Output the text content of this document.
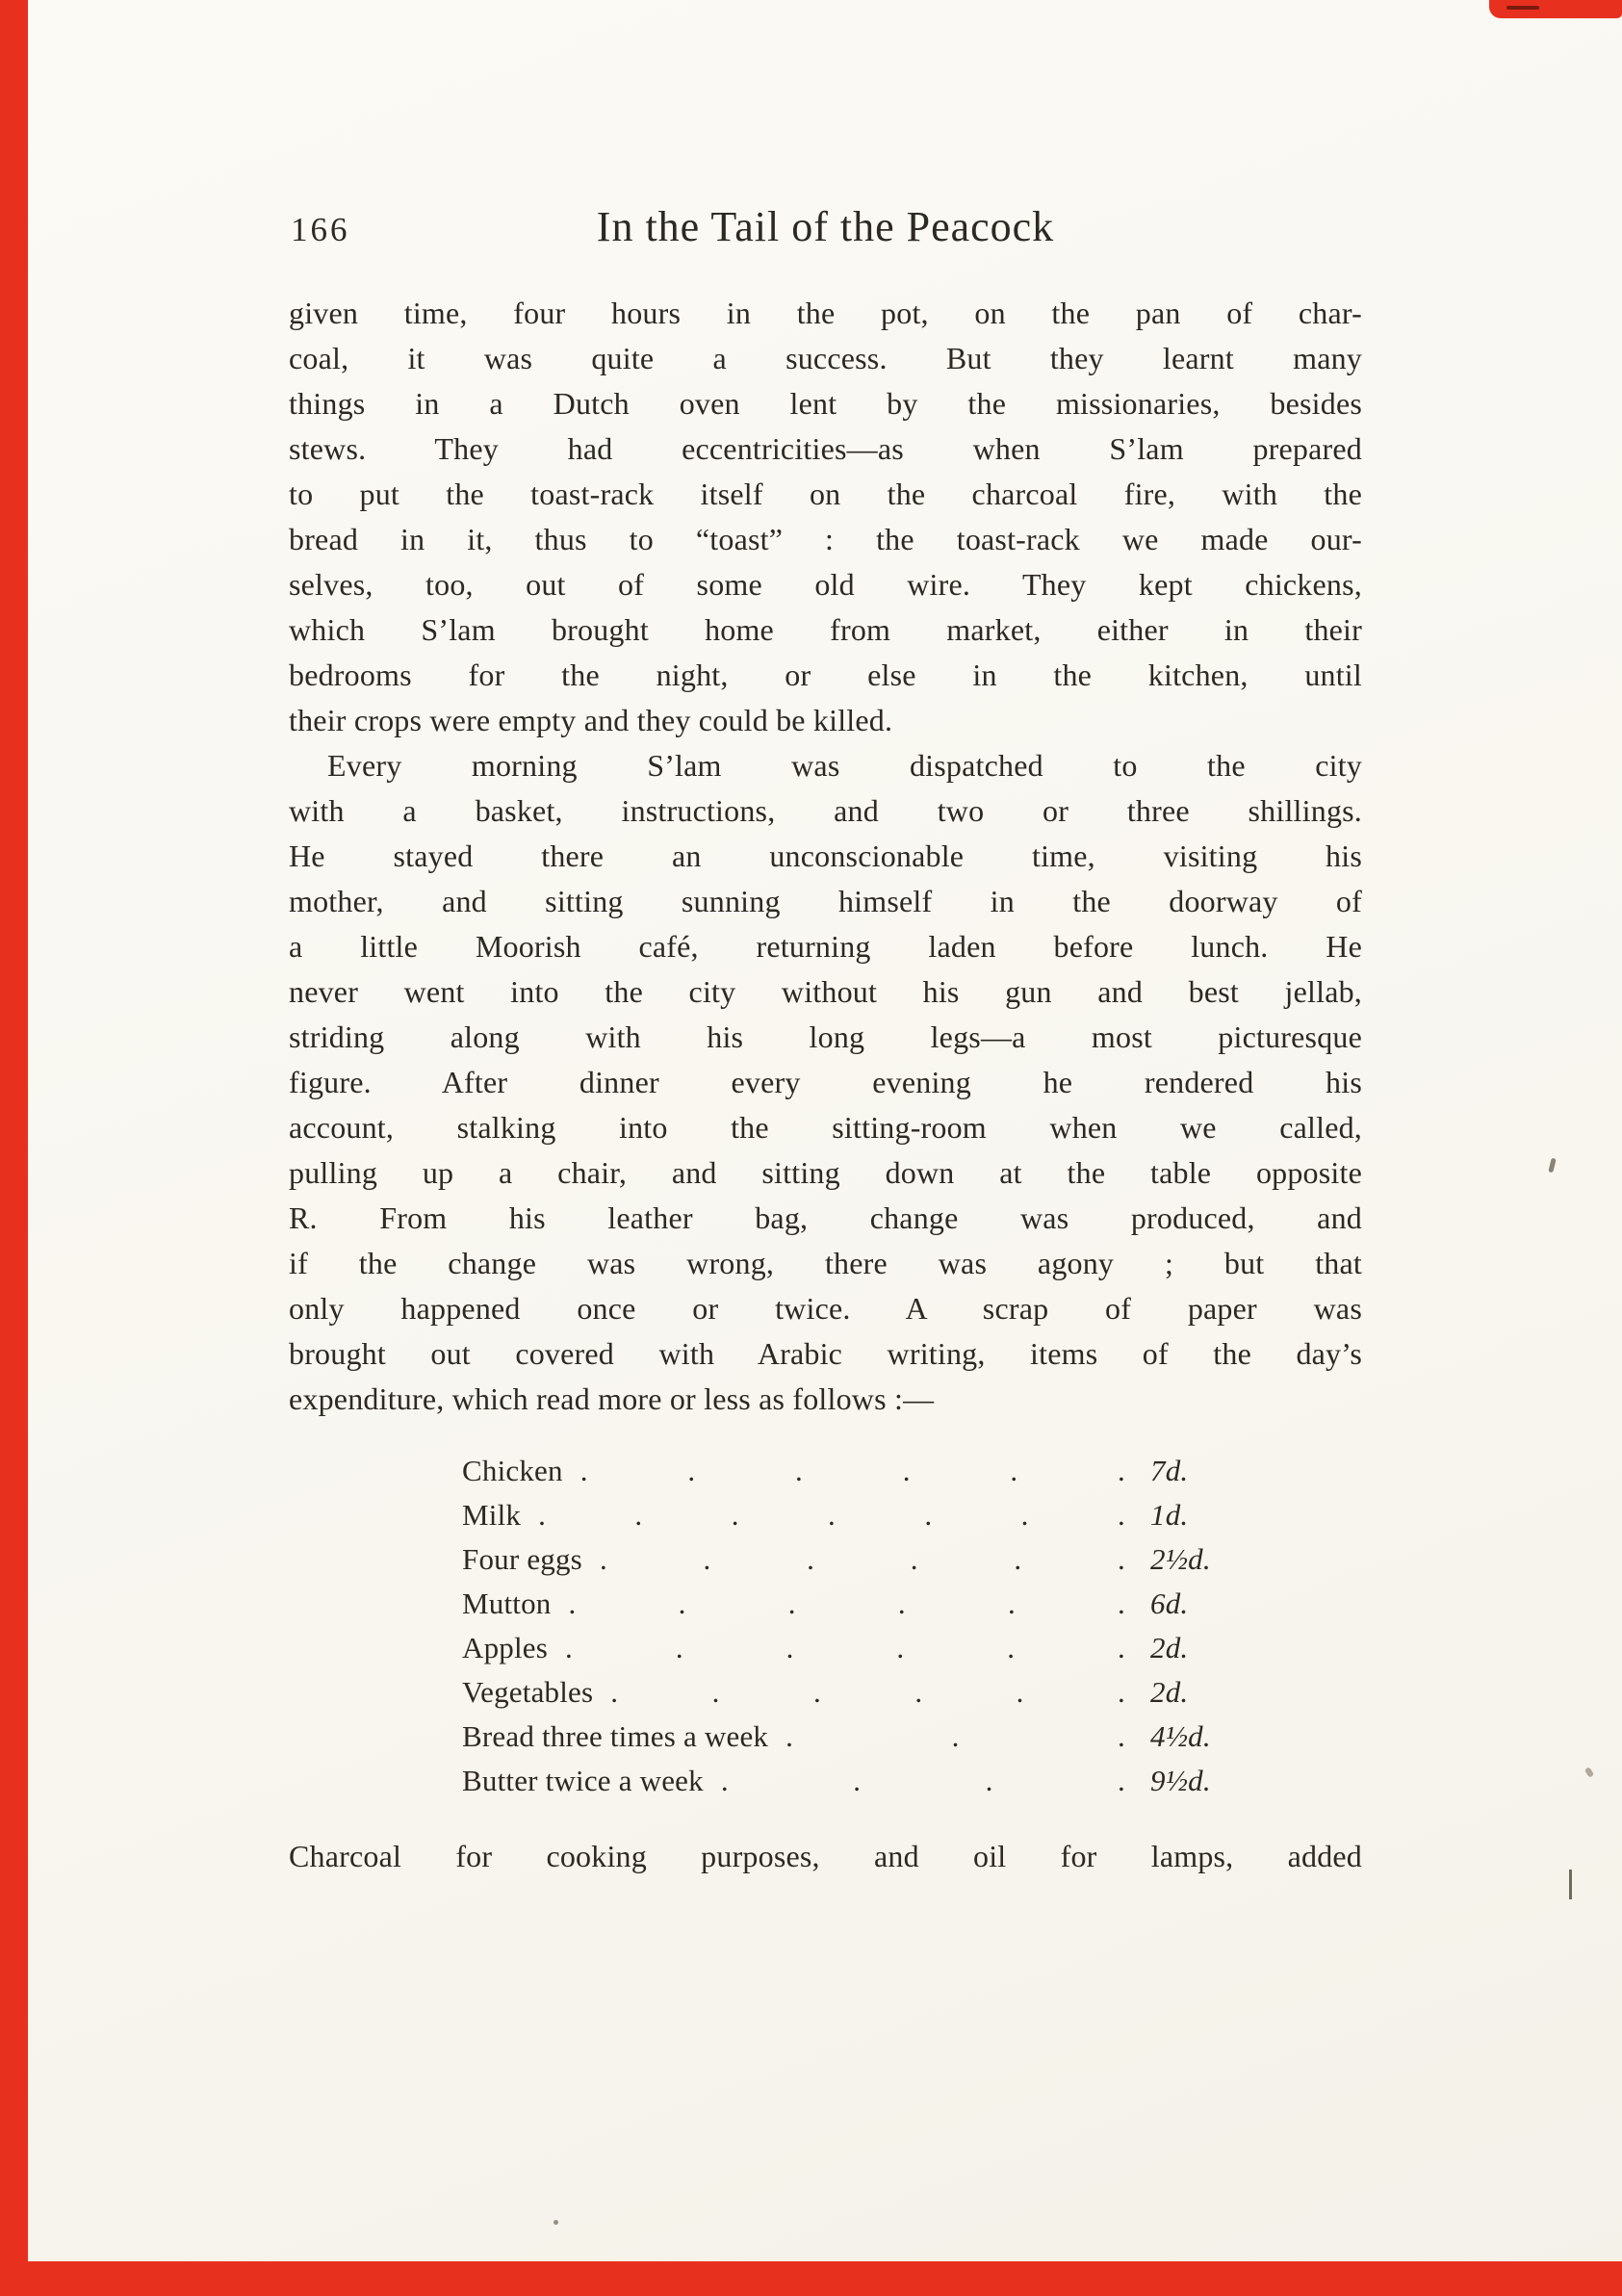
166	In the Tail of the Peacock
given time, four hours in the pot, on the pan of char-
coal, it was quite a success. But they learnt many
things in a Dutch oven lent by the missionaries, besides
stews. They had eccentricities—as when S’lam prepared
to put the toast-rack itself on the charcoal fire, with the
bread in it, thus to “toast” : the toast-rack we made our-
selves, too, out of some old wire. They kept chickens,
which S’lam brought home from market, either in their
bedrooms for the night, or else in the kitchen, until
their crops were empty and they could be killed.
Every morning S’lam was dispatched to the city
with a basket, instructions, and two or three shillings.
He stayed there an unconscionable time, visiting his
mother, and sitting sunning himself in the doorway of
a little Moorish café, returning laden before lunch. He
never went into the city without his gun and best jellab,
striding along with his long legs—a most picturesque
figure. After dinner every evening he rendered his
account, stalking into the sitting-room when we called,
pulling up a chair, and sitting down at the table opposite
R. From his leather bag, change was produced, and
if the change was wrong, there was agony ; but that
only happened once or twice. A scrap of paper was
brought out covered with Arabic writing, items of the day’s
expenditure, which read more or less as follows :—
Chicken .	.	.	.	.	. 7d.
Milk .	.	.	.	.	.	. 1d.
Four eggs .	.	.	.	.	. 2½d.
Mutton .	.	.	.	.	. 6d.
Apples .	.	.	.	.	. 2d.
Vegetables .	.	.	.	.	. 2d.
Bread three times a week .	.	. 4½d.
Butter twice a week .	.	.	. 9½d.
Charcoal for cooking purposes, and oil for lamps, added
